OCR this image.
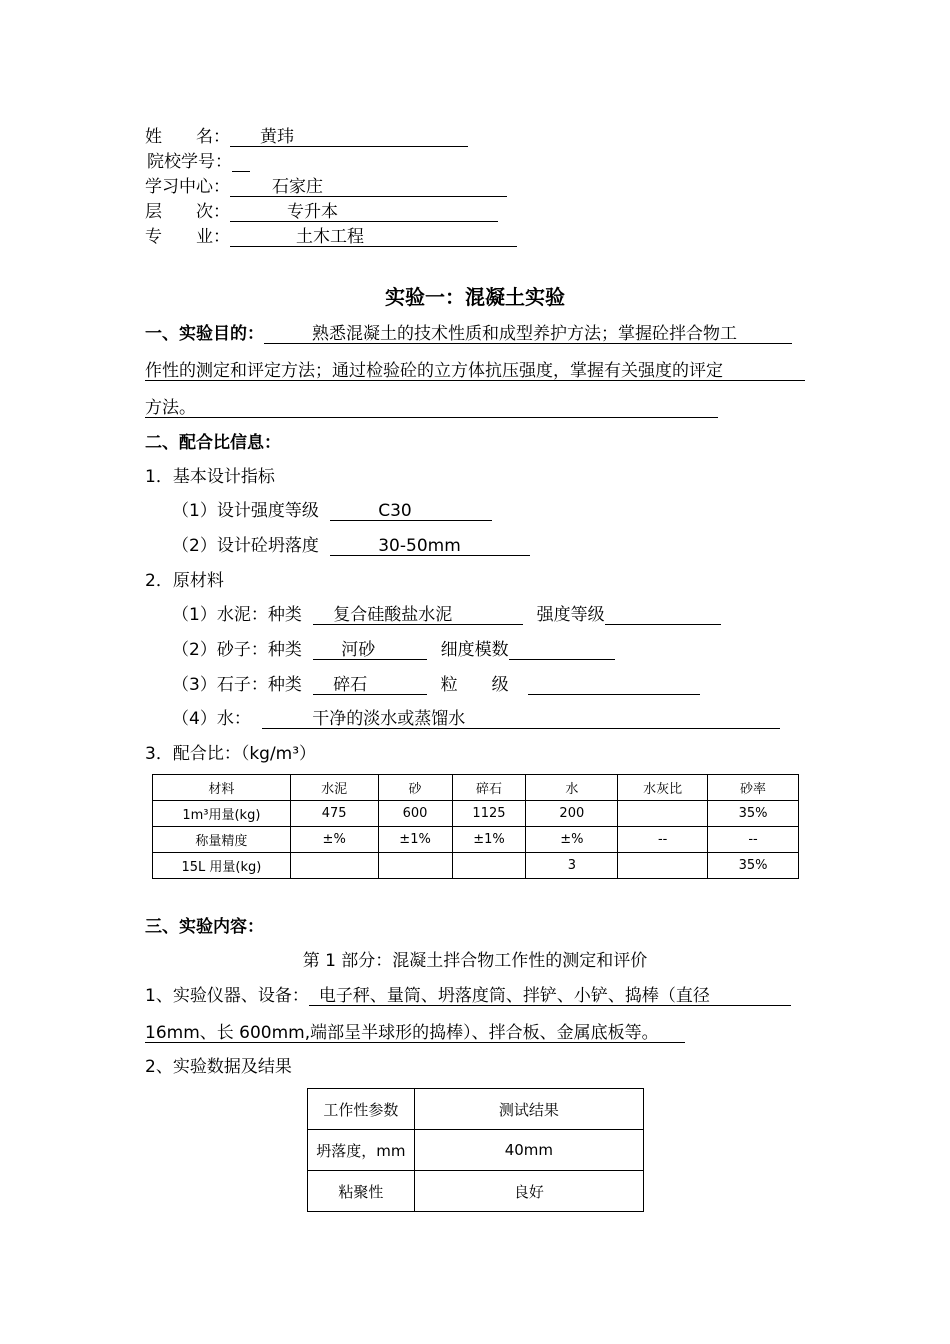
姓　　名： 黄玮
院校学号：
学习中心： 石家庄
层　　次：	专升本
专　　业：	土木工程
实验一：混凝土实验
一、实验目的：	熟悉混凝土的技术性质和成型养护方法；掌握砼拌合物工
作性的测定和评定方法；通过检验砼的立方体抗压强度，掌握有关强度的评定
方法。
二、配合比信息：
1．基本设计指标
（1）设计强度等级	C30
（2）设计砼坍落度	30-50mm
2．原材料
（1）水泥：种类 复合硅酸盐水泥	强度等级
（2）砂子：种类 河砂	细度模数
（3）石子：种类 碎石	粒　　级
（4）水：	干净的淡水或蒸馏水
3．配合比：（kg/m³）
材料	水泥	砂	碎石	水	水灰比	砂率
1m³用量(kg)	475	600	1125	200		35%
称量精度	±%	±1%	±1%	±%	--	--
15L 用量(kg)				3		35%
三、实验内容：
第 1 部分：混凝土拌合物工作性的测定和评价
1、实验仪器、设备： 电子秤、量筒、坍落度筒、拌铲、小铲、捣棒（直径
16mm、长 600mm,端部呈半球形的捣棒）、拌合板、金属底板等。
2、实验数据及结果
工作性参数	测试结果
坍落度，mm	40mm
粘聚性	良好
